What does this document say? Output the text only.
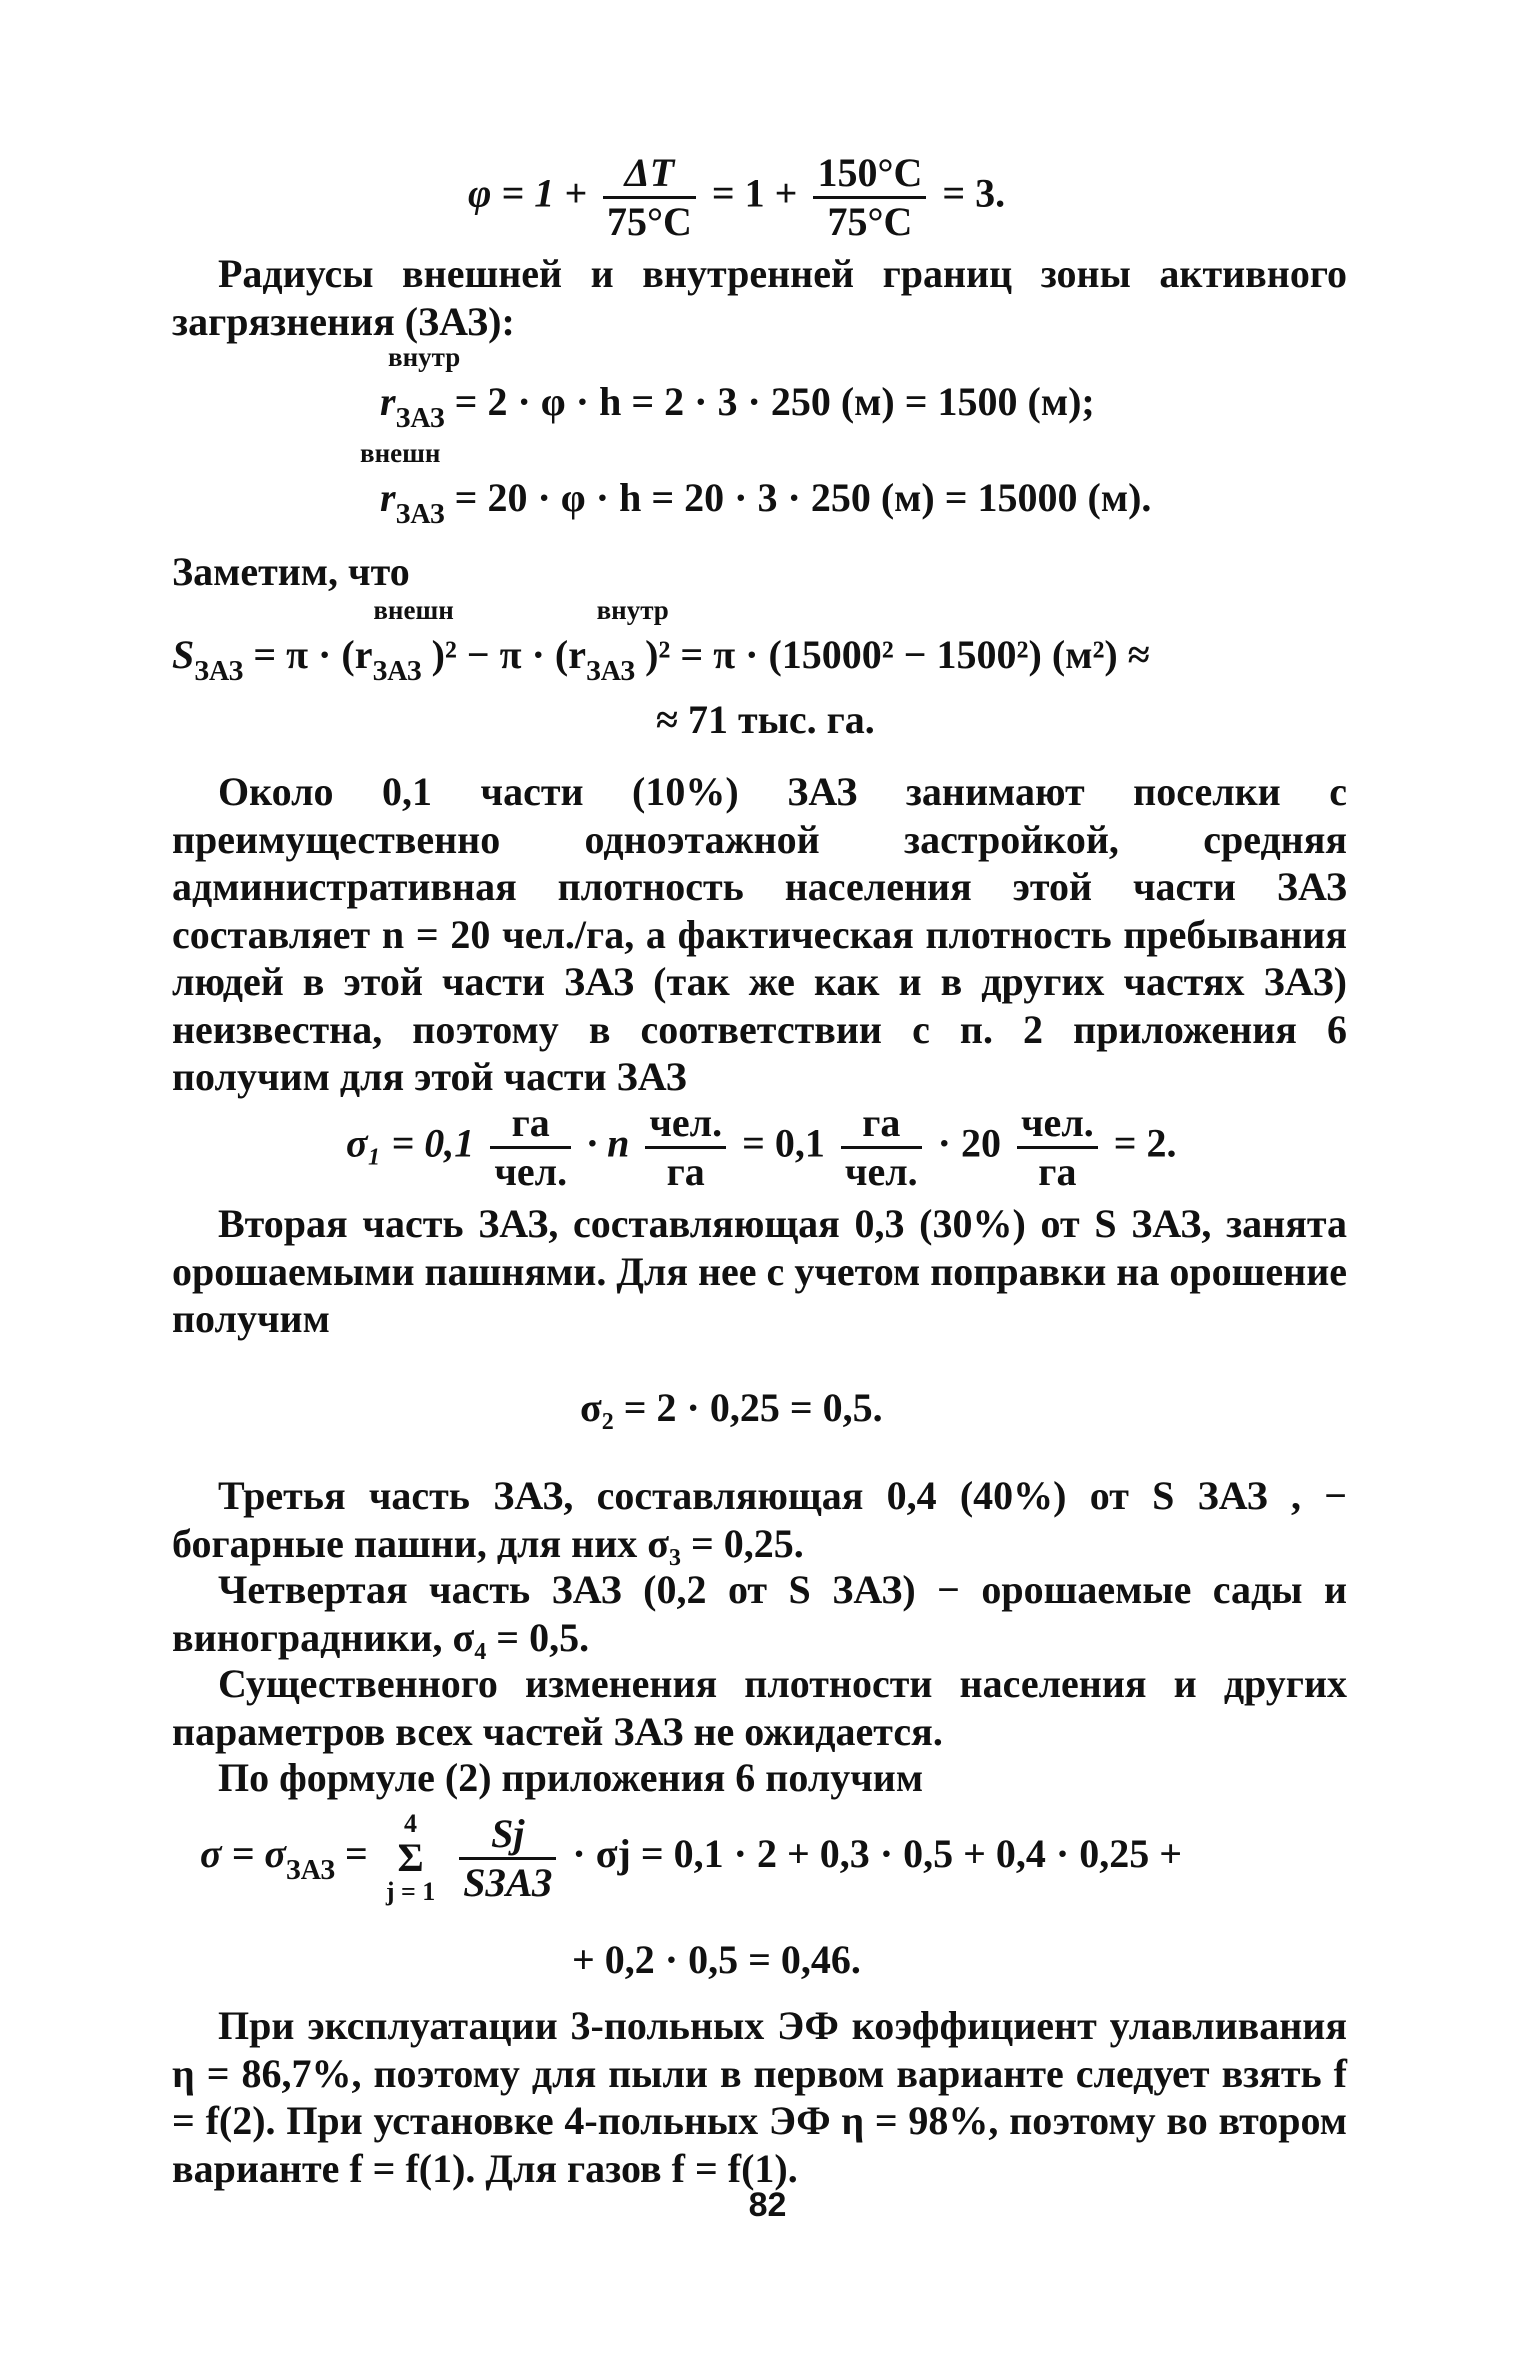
$\varphi = 1 + \frac{\Delta T}{75^\circ C} = 1 + \frac{150^\circ C}{75^\circ C} = 3$.
Радиусы внешней и внутренней границ зоны активного загрязнения (ЗАЗ):
внутр
$r_{ЗАЗ} = 2 \cdot \varphi \cdot h = 2 \cdot 3 \cdot 250$ (м) = 1500 (м);
внешн
$r_{ЗАЗ} = 20 \cdot \varphi \cdot h = 20 \cdot 3 \cdot 250$ (м) = 15000 (м).
Заметим, что
$S_{ЗАЗ}$
внешн
= $\pi \cdot (r_{ЗАЗ}$
внутр
)$^2 - \pi \cdot (r_{ЗАЗ}$ )² = π · (15000² − 1500²) (м²) ≈
≈ 71 тыс. га.
Около 0,1 части (10%) ЗАЗ занимают поселки с преимущественно одноэтажной застройкой, средняя административная плотность населения этой части ЗАЗ составляет n = 20 чел./га, а фактическая плотность пребывания людей в этой части ЗАЗ (так же как и в других частях ЗАЗ) неизвестна, поэтому в соответствии с п. 2 приложения 6 получим для этой части ЗАЗ
$\sigma_1 = 0,1 \frac{га}{\text{чел.}} \cdot n \frac{\text{чел.}}{га} = 0,1 \frac{га}{\text{чел.}} \cdot 20 \frac{\text{чел.}}{га} = 2$.
Вторая часть ЗАЗ, составляющая 0,3 (30%) от S ЗАЗ, занята орошаемыми пашнями. Для нее с учетом поправки на орошение получим
σ₂ = 2 · 0,25 = 0,5.
Третья часть ЗАЗ, составляющая 0,4 (40%) от S ЗАЗ , − богарные пашни, для них σ₃ = 0,25.
Четвертая часть ЗАЗ (0,2 от S ЗАЗ) − орошаемые сады и виноградники, σ₄ = 0,5.
Существенного изменения плотности населения и других параметров всех частей ЗАЗ не ожидается.
По формуле (2) приложения 6 получим
$\sigma = \sigma_{ЗАЗ}$ =
4
Σ
j = 1
$\frac{Sj}{\text{SЗАЗ}} \cdot \sigma j = 0,1 \cdot 2 + 0,3 \cdot 0,5 + 0,4 \cdot 0,25$ +
+ 0,2 · 0,5 = 0,46.
При эксплуатации 3-польных ЭФ коэффициент улавливания η = 86,7%, поэтому для пыли в первом варианте следует взять f = f(2). При установке 4-польных ЭФ η = 98%, поэтому во втором варианте f = f(1). Для газов f = f(1).
82
